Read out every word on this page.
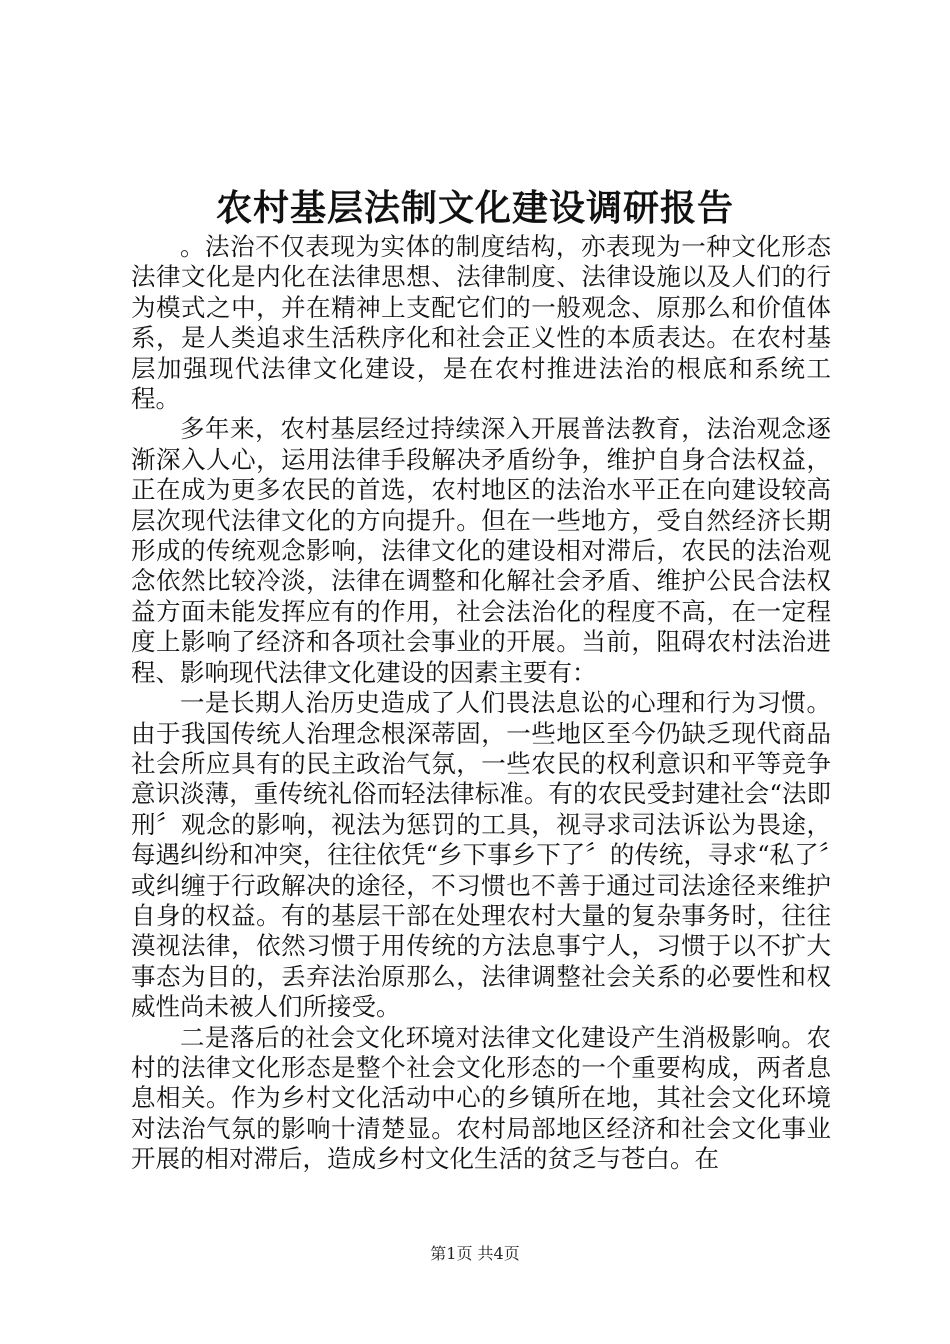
农村基层法制文化建设调研报告

。法治不仅表现为实体的制度结构，亦表现为一种文化形态法律文化是内化在法律思想、法律制度、法律设施以及人们的行为模式之中，并在精神上支配它们的一般观念、原那么和价值体系，是人类追求生活秩序化和社会正义性的本质表达。在农村基层加强现代法律文化建设，是在农村推进法治的根底和系统工程。

多年来，农村基层经过持续深入开展普法教育，法治观念逐渐深入人心，运用法律手段解决矛盾纷争，维护自身合法权益，正在成为更多农民的首选，农村地区的法治水平正在向建设较高层次现代法律文化的方向提升。但在一些地方，受自然经济长期形成的传统观念影响，法律文化的建设相对滞后，农民的法治观念依然比较冷淡，法律在调整和化解社会矛盾、维护公民合法权益方面未能发挥应有的作用，社会法治化的程度不高，在一定程度上影响了经济和各项社会事业的开展。当前，阻碍农村法治进程、影响现代法律文化建设的因素主要有：

一是长期人治历史造成了人们畏法息讼的心理和行为习惯。由于我国传统人治理念根深蒂固，一些地区至今仍缺乏现代商品社会所应具有的民主政治气氛，一些农民的权利意识和平等竞争意识淡薄，重传统礼俗而轻法律标准。有的农民受封建社会“法即刑〞观念的影响，视法为惩罚的工具，视寻求司法诉讼为畏途，每遇纠纷和冲突，往往依凭“乡下事乡下了〞的传统，寻求“私了〞或纠缠于行政解决的途径，不习惯也不善于通过司法途径来维护自身的权益。有的基层干部在处理农村大量的复杂事务时，往往漠视法律，依然习惯于用传统的方法息事宁人，习惯于以不扩大事态为目的，丢弃法治原那么，法律调整社会关系的必要性和权威性尚未被人们所接受。

二是落后的社会文化环境对法律文化建设产生消极影响。农村的法律文化形态是整个社会文化形态的一个重要构成，两者息息相关。作为乡村文化活动中心的乡镇所在地，其社会文化环境对法治气氛的影响十清楚显。农村局部地区经济和社会文化事业开展的相对滞后，造成乡村文化生活的贫乏与苍白。在

第1页 共4页
